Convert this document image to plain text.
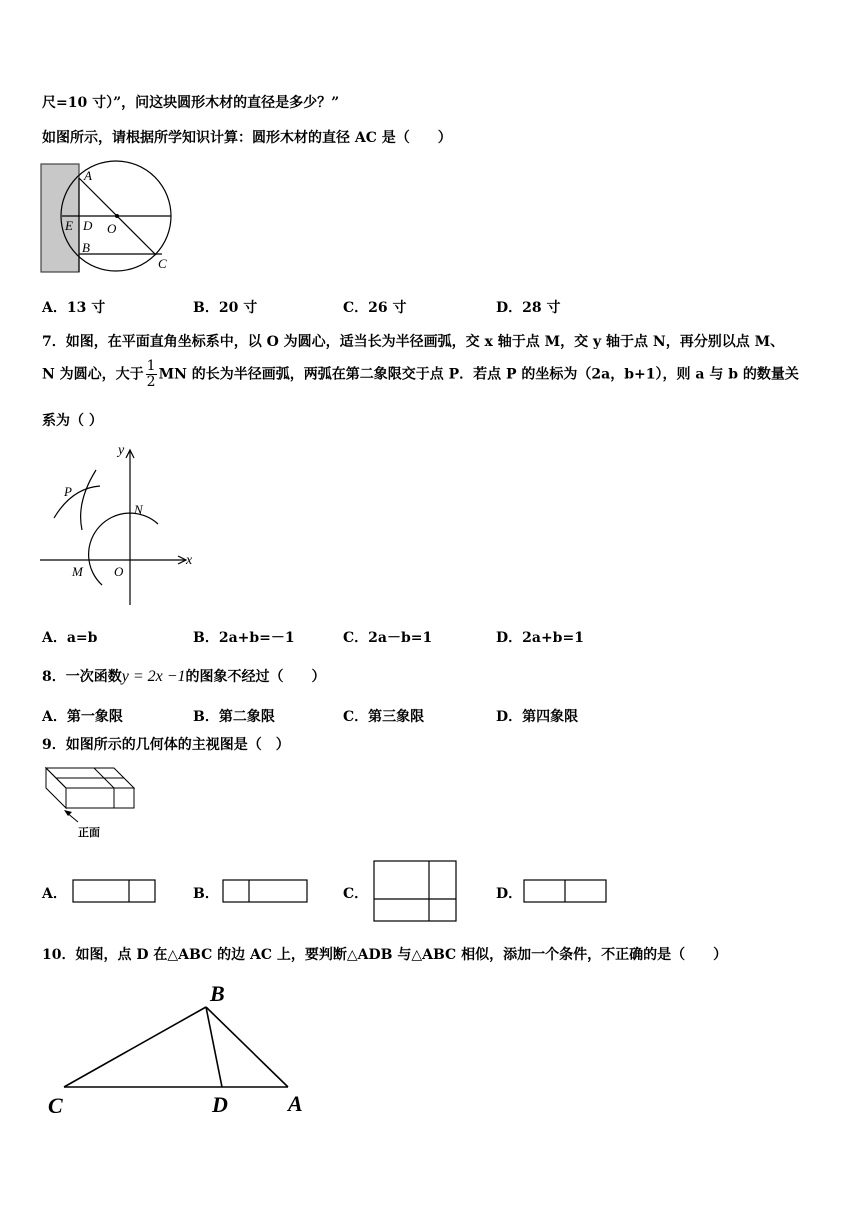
尺=10 寸）”，问这块圆形木材的直径是多少？”
如图所示，请根据所学知识计算：圆形木材的直径 AC 是（　　）
A
D O
E
B
C
A．13 寸	B．20 寸	C．26 寸	D．28 寸
7．如图，在平面直角坐标系中，以 O 为圆心，适当长为半径画弧，交 x 轴于点 M，交 y 轴于点 N，再分别以点 M、
N 为圆心，大于 $\frac{1}{2}$ MN 的长为半径画弧，两弧在第二象限交于点 P．若点 P 的坐标为（2a，b+1），则 a 与 b 的数量关
系为（ ）
y
x
P
N
M O
A．a=b	B．2a+b=－1	C．2a－b=1	D．2a+b=1
8．一次函数y = 2x −1的图象不经过（　　）
A．第一象限	B．第二象限	C．第三象限	D．第四象限
9．如图所示的几何体的主视图是（　）
正面
A．	B．	C．	D．
10．如图，点 D 在△ABC 的边 AC 上，要判断△ADB 与△ABC 相似，添加一个条件，不正确的是（　　）
B
C	D	A
